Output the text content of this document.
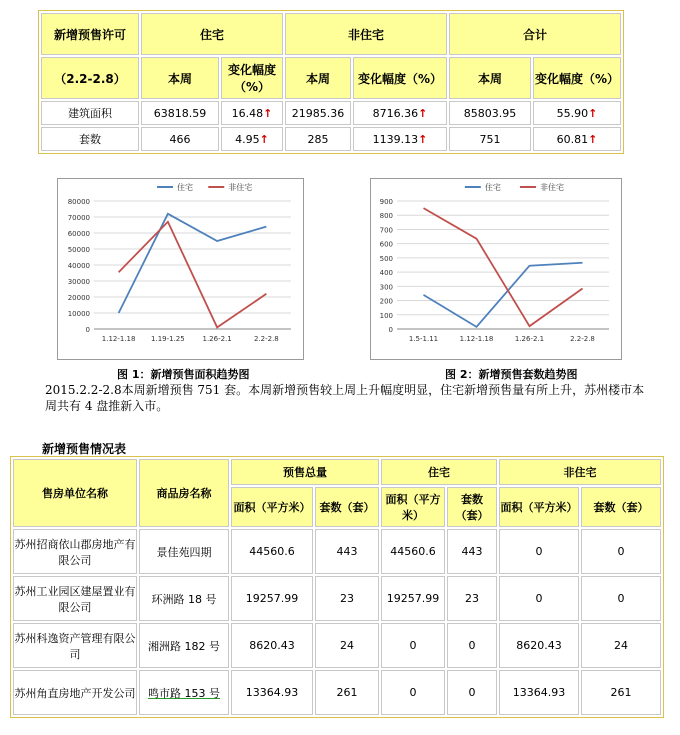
新增预售许可	住宅		非住宅		合计	
（2.2-2.8）	本周	变化幅度（%）	本周	变化幅度（%）	本周	变化幅度（%）
建筑面积	63818.59	16.48↑	21985.36	8716.36↑	85803.95	55.90↑
套数	466	4.95↑	285	1139.13↑	751	60.81↑
0
10000
20000
30000
40000
50000
60000
70000
80000
1.12-1.18 1.19-1.25	1.26-2.1	2.2-2.8
住宅	非住宅
图 1：新增预售面积趋势图
0
100
200
300
400
500
600
700
800
900
1.5-1.11	1.12-1.18	1.26-2.1	2.2-2.8
住宅	非住宅
图 2：新增预售套数趋势图
2015.2.2-2.8本周新增预售 751 套。本周新增预售较上周上升幅度明显，住宅新增预售量有所上升，苏州楼市本周共有 4 盘推新入市。
新增预售情况表
售房单位名称	商品房名称	预售总量		住宅		非住宅	
		面积（平方米）	套数（套）	面积（平方米）	套数（套）	面积（平方米）	套数（套）
苏州招商依山郡房地产有限公司	景佳苑四期	44560.6	443	44560.6	443	0	0
苏州工业园区建屋置业有限公司	环洲路 18 号	19257.99	23	19257.99	23	0	0
苏州科逸资产管理有限公司	湘洲路 182 号	8620.43	24	0	0	8620.43	24
苏州角直房地产开发公司	鸣市路 153 号	13364.93	261	0	0	13364.93	261
